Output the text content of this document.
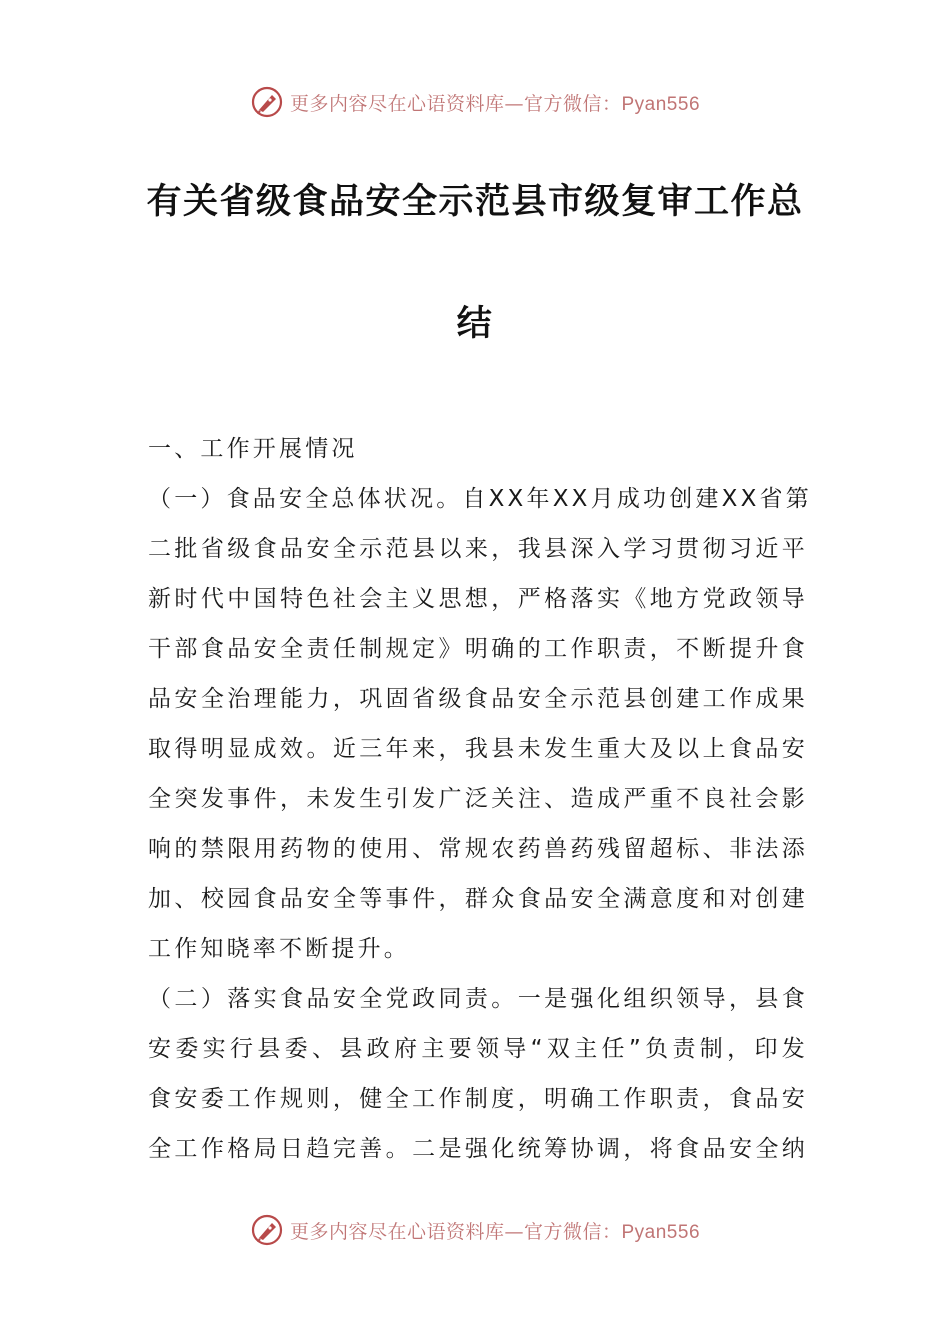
更多内容尽在心语资料库—官方微信：Pyan556
有关省级食品安全示范县市级复审工作总
结
一、工作开展情况
（一）食品安全总体状况。自XX年XX月成功创建XX省第
二批省级食品安全示范县以来，我县深入学习贯彻习近平
新时代中国特色社会主义思想，严格落实《地方党政领导
干部食品安全责任制规定》明确的工作职责，不断提升食
品安全治理能力，巩固省级食品安全示范县创建工作成果
取得明显成效。近三年来，我县未发生重大及以上食品安
全突发事件，未发生引发广泛关注、造成严重不良社会影
响的禁限用药物的使用、常规农药兽药残留超标、非法添
加、校园食品安全等事件，群众食品安全满意度和对创建
工作知晓率不断提升。
（二）落实食品安全党政同责。一是强化组织领导，县食
安委实行县委、县政府主要领导“双主任”负责制，印发
食安委工作规则，健全工作制度，明确工作职责，食品安
全工作格局日趋完善。二是强化统筹协调，将食品安全纳
更多内容尽在心语资料库—官方微信：Pyan556
